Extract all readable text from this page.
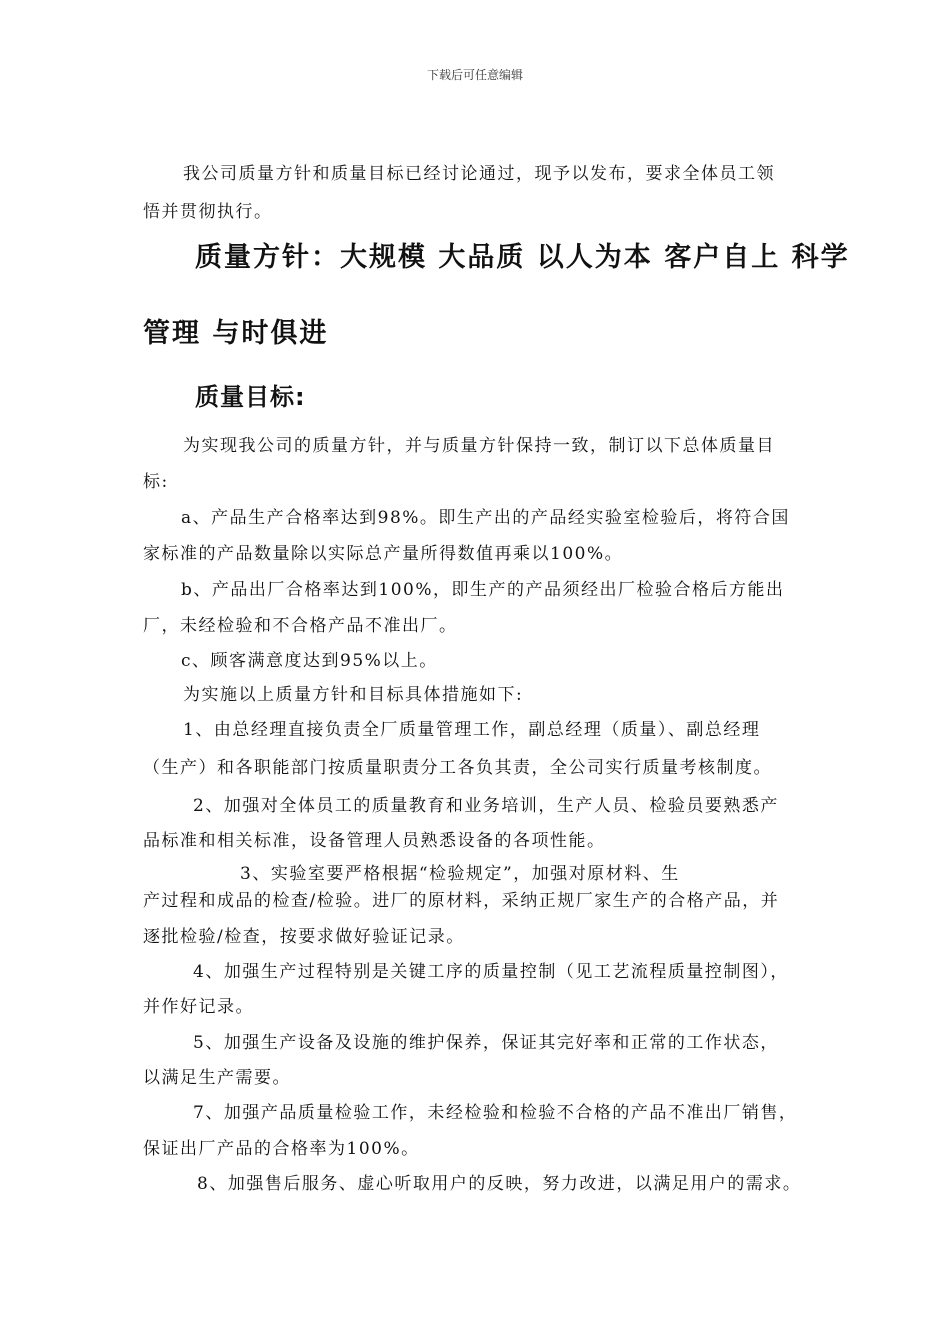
下载后可任意编辑
我公司质量方针和质量目标已经讨论通过，现予以发布，要求全体员工领
悟并贯彻执行。
质量方针：大规模 大品质 以人为本 客户自上 科学
管理 与时俱进
质量目标:
为实现我公司的质量方针，并与质量方针保持一致，制订以下总体质量目
标:
a、产品生产合格率达到98%。即生产出的产品经实验室检验后，将符合国
家标准的产品数量除以实际总产量所得数值再乘以100%。
b、产品出厂合格率达到100%，即生产的产品须经出厂检验合格后方能出
厂，未经检验和不合格产品不准出厂。
c、顾客满意度达到95%以上。
为实施以上质量方针和目标具体措施如下:
1、由总经理直接负责全厂质量管理工作，副总经理（质量）、副总经理
（生产）和各职能部门按质量职责分工各负其责，全公司实行质量考核制度。
2、加强对全体员工的质量教育和业务培训，生产人员、检验员要熟悉产
品标准和相关标准，设备管理人员熟悉设备的各项性能。
3、实验室要严格根据“检验规定”，加强对原材料、生
产过程和成品的检查/检验。进厂的原材料，采纳正规厂家生产的合格产品，并
逐批检验/检查，按要求做好验证记录。
4、加强生产过程特别是关键工序的质量控制（见工艺流程质量控制图），
并作好记录。
5、加强生产设备及设施的维护保养，保证其完好率和正常的工作状态，
以满足生产需要。
7、加强产品质量检验工作，未经检验和检验不合格的产品不准出厂销售，
保证出厂产品的合格率为100%。
8、加强售后服务、虚心听取用户的反映，努力改进，以满足用户的需求。
